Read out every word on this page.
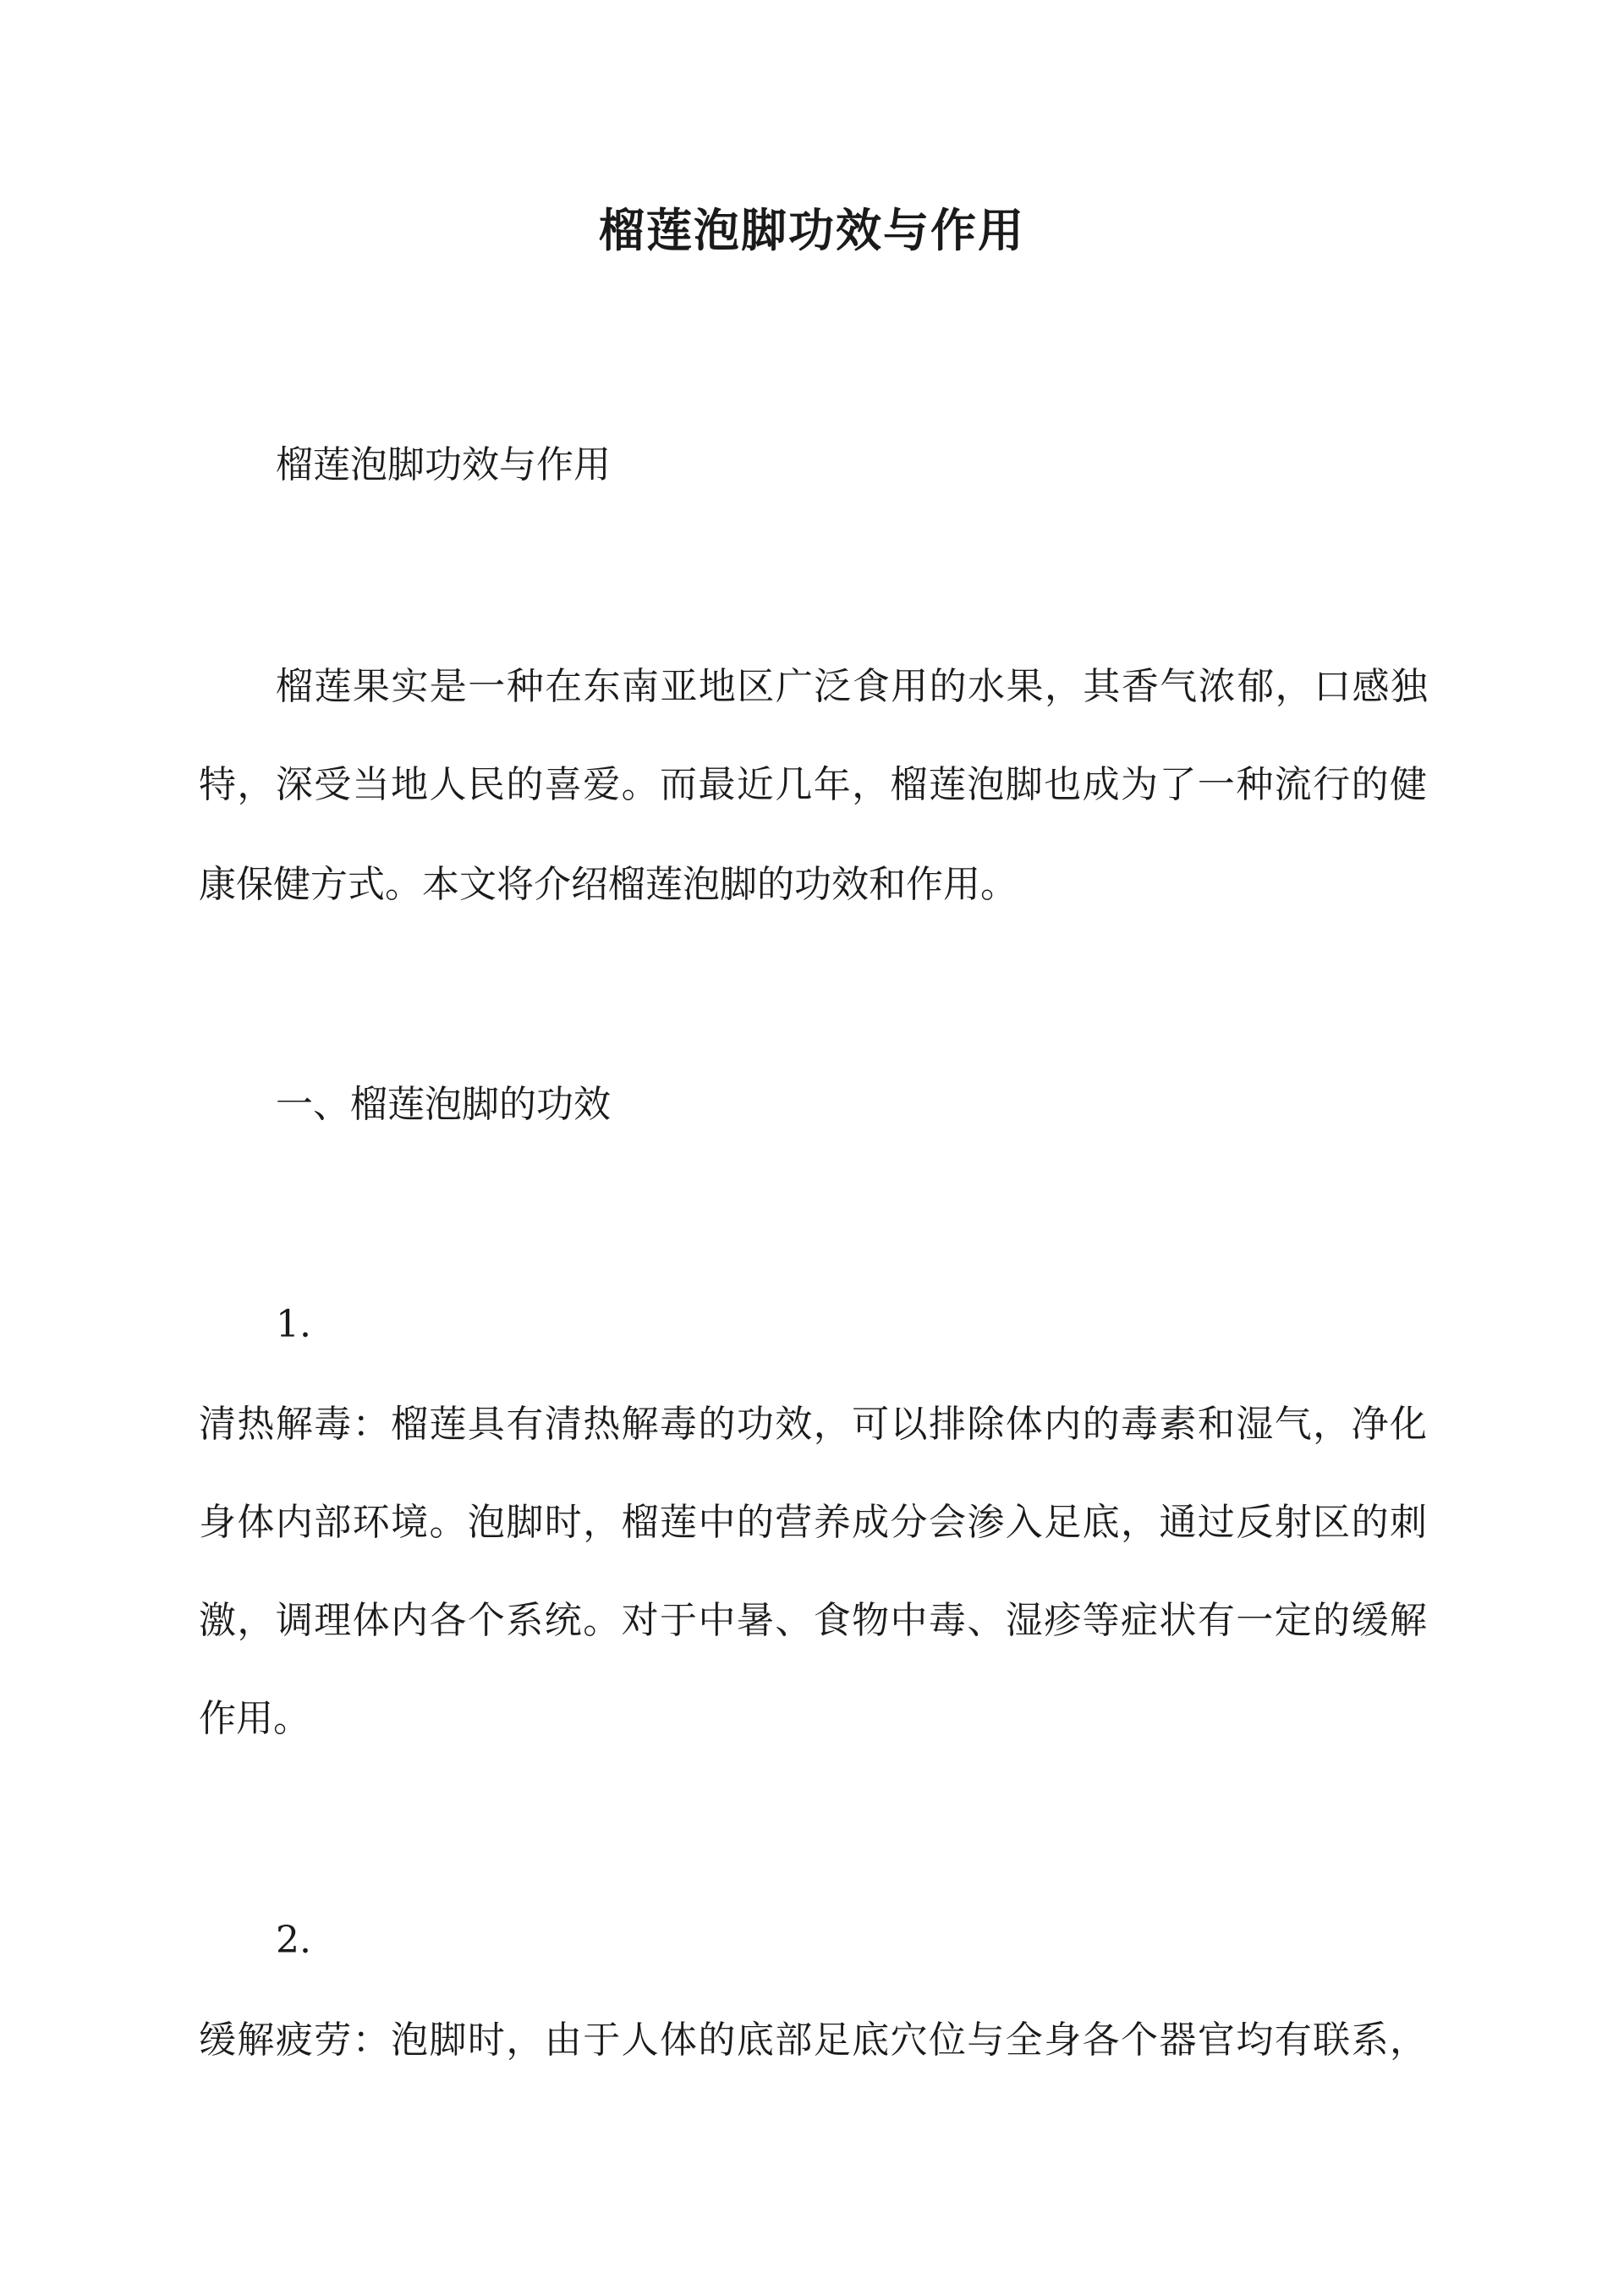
榴莲泡脚功效与作用

榴莲泡脚功效与作用

榴莲果实是一种在东南亚地区广泛食用的水果，其香气浓郁，口感独

特，深受当地人民的喜爱。而最近几年，榴莲泡脚也成为了一种流行的健

康保健方式。本文将介绍榴莲泡脚的功效和作用。

一、榴莲泡脚的功效

1.

清热解毒：榴莲具有清热解毒的功效，可以排除体内的毒素和湿气，净化

身体内部环境。泡脚时，榴莲中的营养成分会渗入足底，通过反射区的刺

激，调理体内各个系统。对于中暑、食物中毒、湿疹等症状有一定的缓解

作用。

2.

缓解疲劳：泡脚时，由于人体的底部足底穴位与全身各个器官均有联系，
